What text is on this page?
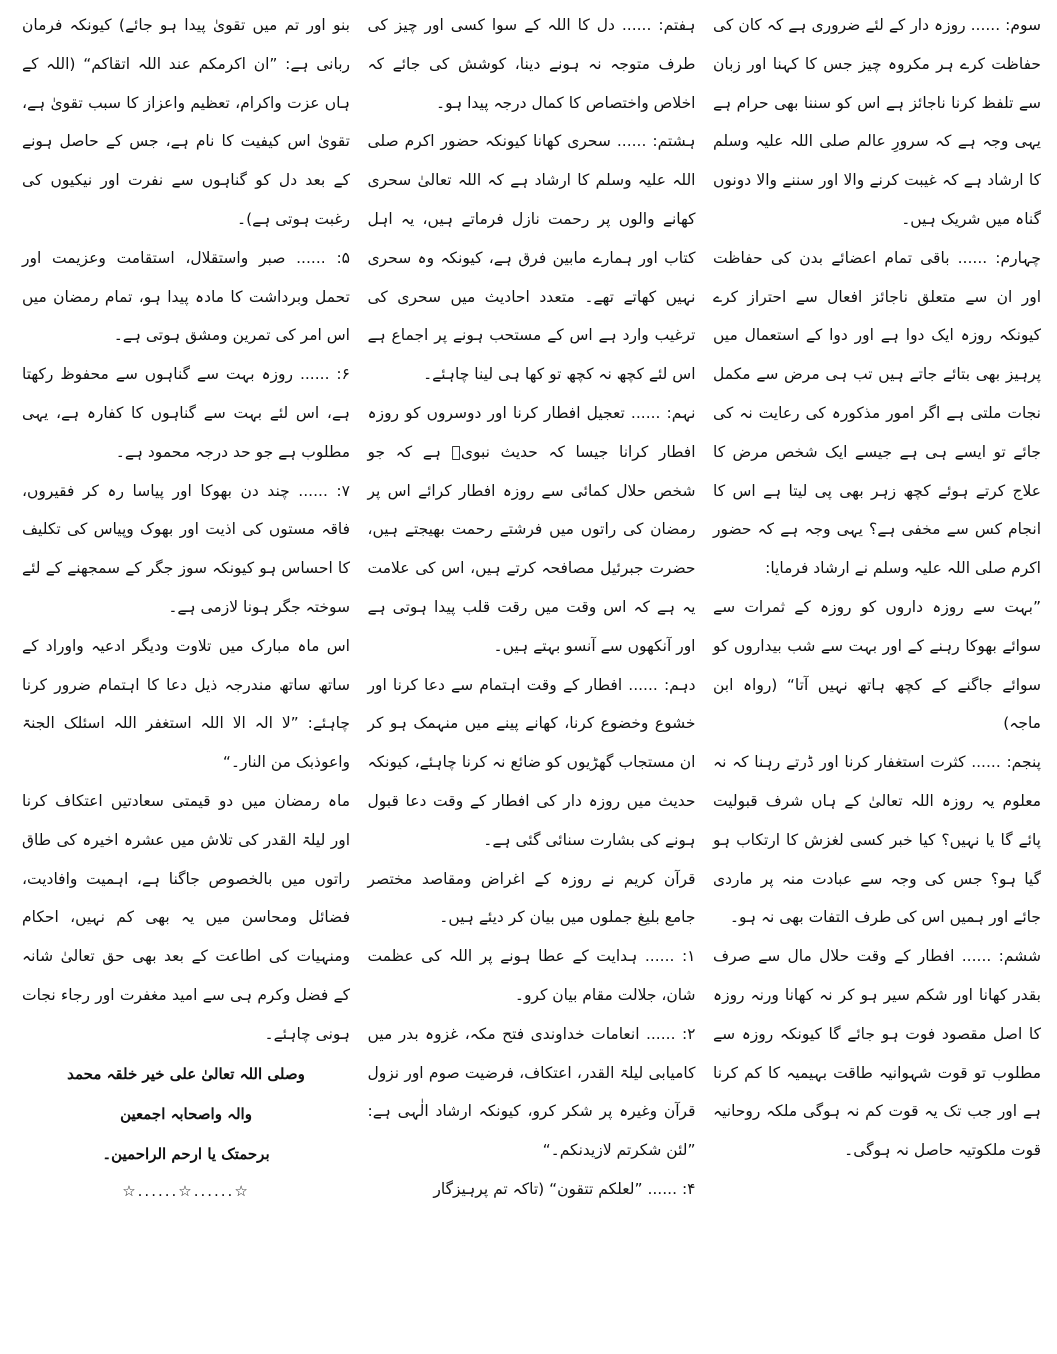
سوم: ...... روزہ دار کے لئے ضروری ہے کہ کان کی حفاظت کرے ہر مکروہ چیز جس کا کہنا اور زبان سے تلفظ کرنا ناجائز ہے اس کو سننا بھی حرام ہے یہی وجہ ہے کہ سرورِ عالم صلی اللہ علیہ وسلم کا ارشاد ہے کہ غیبت کرنے والا اور سننے والا دونوں گناہ میں شریک ہیں۔

چہارم: ...... باقی تمام اعضائے بدن کی حفاظت اور ان سے متعلق ناجائز افعال سے احتراز کرے کیونکہ روزہ ایک دوا ہے اور دوا کے استعمال میں پرہیز بھی بتائے جاتے ہیں تب ہی مرض سے مکمل نجات ملتی ہے اگر امور مذکورہ کی رعایت نہ کی جائے تو ایسے ہی ہے جیسے ایک شخص مرض کا علاج کرتے ہوئے کچھ زہر بھی پی لیتا ہے اس کا انجام کس سے مخفی ہے؟ یہی وجہ ہے کہ حضور اکرم صلی اللہ علیہ وسلم نے ارشاد فرمایا:

”بہت سے روزہ داروں کو روزہ کے ثمرات سے سوائے بھوکا رہنے کے اور بہت سے شب بیداروں کو سوائے جاگنے کے کچھ ہاتھ نہیں آتا“ (رواہ ابن ماجہ)

پنجم: ...... کثرت استغفار کرنا اور ڈرتے رہنا کہ نہ معلوم یہ روزہ اللہ تعالیٰ کے ہاں شرف قبولیت پائے گا یا نہیں؟ کیا خبر کسی لغزش کا ارتکاب ہو گیا ہو؟ جس کی وجہ سے عبادت منہ پر ماردی جائے اور ہمیں اس کی طرف التفات بھی نہ ہو۔

ششم: ...... افطار کے وقت حلال مال سے صرف بقدر کھانا اور شکم سیر ہو کر نہ کھانا ورنہ روزہ کا اصل مقصود فوت ہو جائے گا کیونکہ روزہ سے مطلوب تو قوت شہوانیہ طاقت بہیمیہ کا کم کرنا ہے اور جب تک یہ قوت کم نہ ہوگی ملکہ روحانیہ قوت ملکوتیہ حاصل نہ ہوگی۔

ہفتم: ...... دل کا اللہ کے سوا کسی اور چیز کی طرف متوجہ نہ ہونے دینا، کوشش کی جائے کہ اخلاص واختصاص کا کمال درجہ پیدا ہو۔

ہشتم: ...... سحری کھانا کیونکہ حضور اکرم صلی اللہ علیہ وسلم کا ارشاد ہے کہ اللہ تعالیٰ سحری کھانے والوں پر رحمت نازل فرماتے ہیں، یہ اہل کتاب اور ہمارے مابین فرق ہے، کیونکہ وہ سحری نہیں کھاتے تھے۔ متعدد احادیث میں سحری کی ترغیب وارد ہے اس کے مستحب ہونے پر اجماع ہے اس لئے کچھ نہ کچھ تو کھا ہی لینا چاہئے۔

نہم: ...... تعجیل افطار کرنا اور دوسروں کو روزہ افطار کرانا جیسا کہ حدیث نبویؐ ہے کہ جو شخص حلال کمائی سے روزہ افطار کرائے اس پر رمضان کی راتوں میں فرشتے رحمت بھیجتے ہیں، حضرت جبرئیل مصافحہ کرتے ہیں، اس کی علامت یہ ہے کہ اس وقت میں رقت قلب پیدا ہوتی ہے اور آنکھوں سے آنسو بہتے ہیں۔

دہم: ...... افطار کے وقت اہتمام سے دعا کرنا اور خشوع وخضوع کرنا، کھانے پینے میں منہمک ہو کر ان مستجاب گھڑیوں کو ضائع نہ کرنا چاہئے، کیونکہ حدیث میں روزہ دار کی افطار کے وقت دعا قبول ہونے کی بشارت سنائی گئی ہے۔

قرآن کریم نے روزہ کے اغراض ومقاصد مختصر جامع بلیغ جملوں میں بیان کر دیئے ہیں۔

۱: ...... ہدایت کے عطا ہونے پر اللہ کی عظمت شان، جلالت مقام بیان کرو۔

۲: ...... انعامات خداوندی فتح مکہ، غزوہ بدر میں کامیابی لیلۃ القدر، اعتکاف، فرضیت صوم اور نزول قرآن وغیرہ پر شکر کرو، کیونکہ ارشاد الٰہی ہے: ”لئن شکرتم لازیدنکم۔“

۴: ...... ”لعلکم تتقون“ (تاکہ تم پرہیزگار

بنو اور تم میں تقویٰ پیدا ہو جائے) کیونکہ فرمان ربانی ہے: ”ان اکرمکم عند اللہ اتقاکم“ (اللہ کے ہاں عزت واکرام، تعظیم واعزاز کا سبب تقویٰ ہے، تقویٰ اس کیفیت کا نام ہے، جس کے حاصل ہونے کے بعد دل کو گناہوں سے نفرت اور نیکیوں کی رغبت ہوتی ہے)۔

۵: ...... صبر واستقلال، استقامت وعزیمت اور تحمل وبرداشت کا مادہ پیدا ہو، تمام رمضان میں اس امر کی تمرین ومشق ہوتی ہے۔

۶: ...... روزہ بہت سے گناہوں سے محفوظ رکھتا ہے، اس لئے بہت سے گناہوں کا کفارہ ہے، یہی مطلوب ہے جو حد درجہ محمود ہے۔

۷: ...... چند دن بھوکا اور پیاسا رہ کر فقیروں، فاقہ مستوں کی اذیت اور بھوک وپیاس کی تکلیف کا احساس ہو کیونکہ سوز جگر کے سمجھنے کے لئے سوختہ جگر ہونا لازمی ہے۔

اس ماہ مبارک میں تلاوت ودیگر ادعیہ واوراد کے ساتھ ساتھ مندرجہ ذیل دعا کا اہتمام ضرور کرنا چاہئے: ”لا الہ الا اللہ استغفر اللہ اسئلک الجنۃ واعوذبک من النار۔“

ماہ رمضان میں دو قیمتی سعادتیں اعتکاف کرنا اور لیلۃ القدر کی تلاش میں عشرہ اخیرہ کی طاق راتوں میں بالخصوص جاگنا ہے، اہمیت وافادیت، فضائل ومحاسن میں یہ بھی کم نہیں، احکام ومنہیات کی اطاعت کے بعد بھی حق تعالیٰ شانہ کے فضل وکرم ہی سے امید مغفرت اور رجاء نجات ہونی چاہئے۔

وصلی اللہ تعالیٰ علی خیر خلقہ محمد
والہ واصحابہ اجمعین
برحمتک یا ارحم الراحمین۔
☆......☆......☆
